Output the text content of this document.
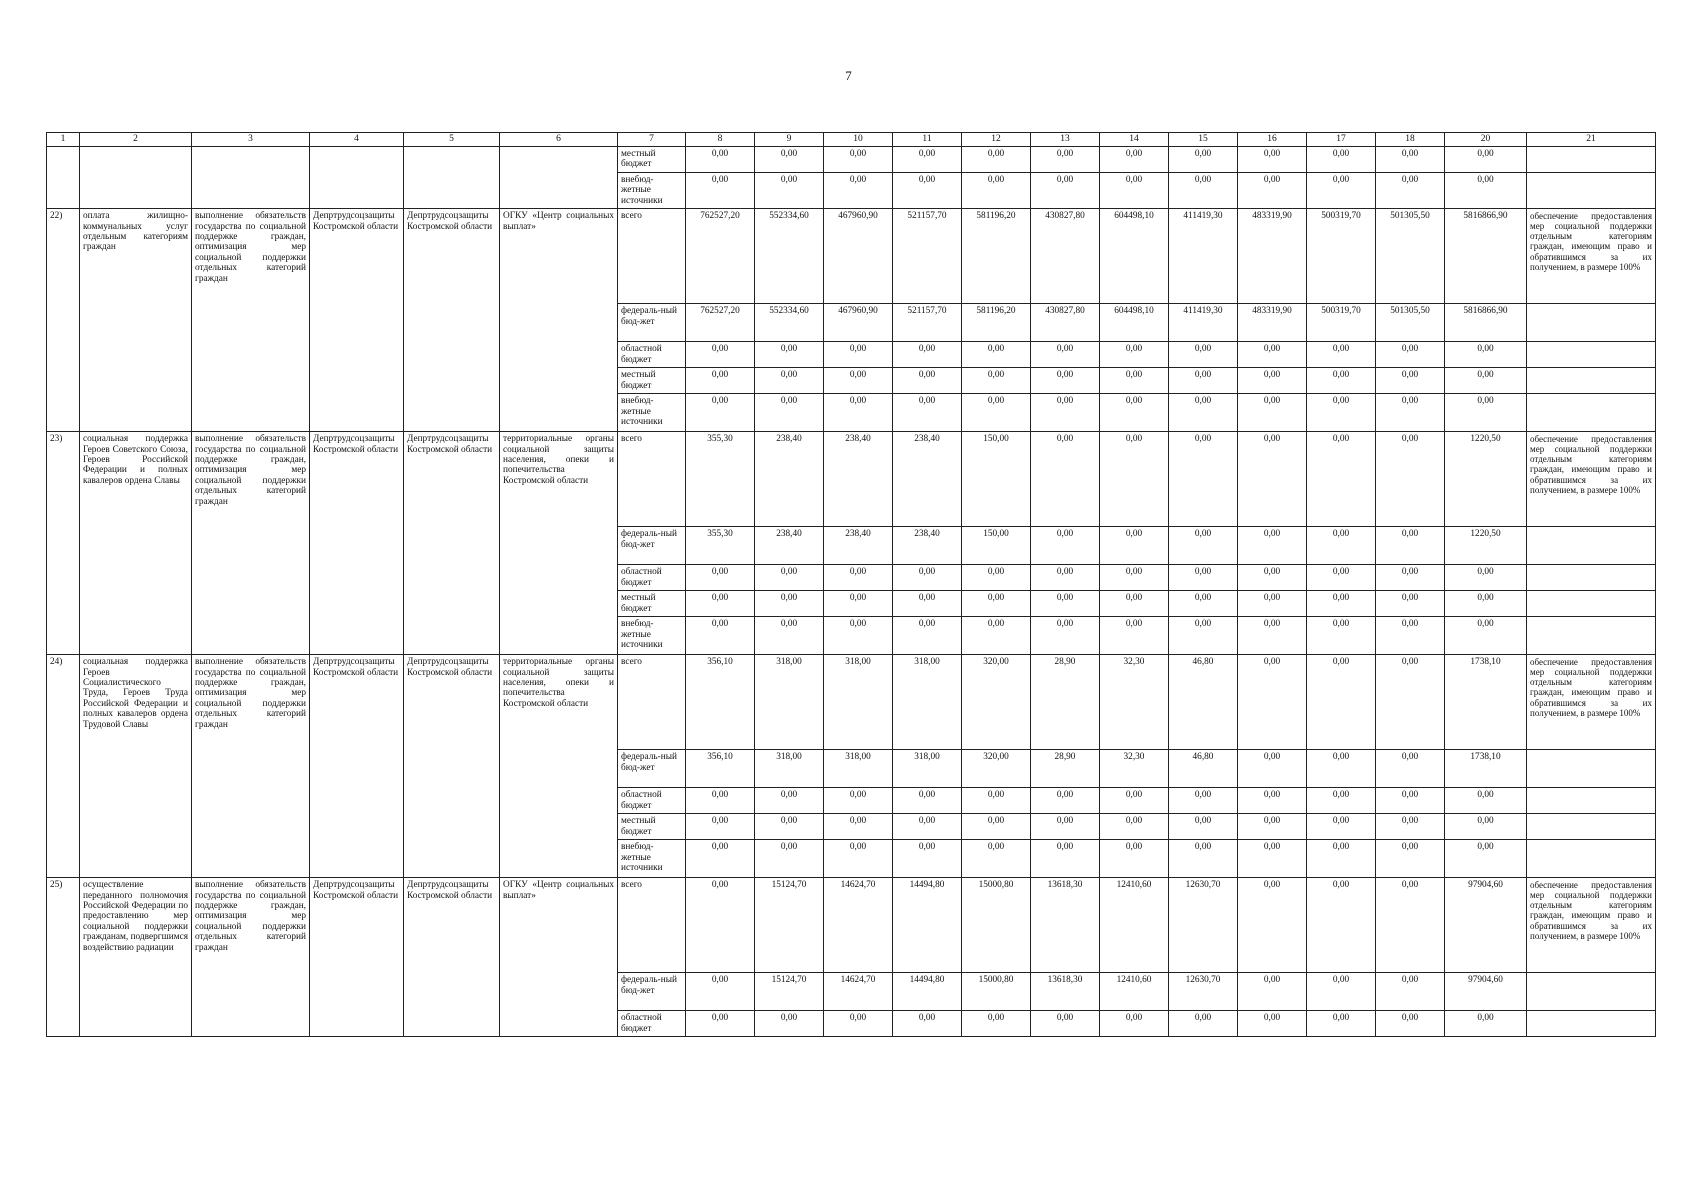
7
1	2	3	4	5	6	7	8	9	10	11	12	13	14	15	16	17	18	20	21
						местный бюджет	0,00	0,00	0,00	0,00	0,00	0,00	0,00	0,00	0,00	0,00	0,00	0,00	
						внебюд-жетные источники	0,00	0,00	0,00	0,00	0,00	0,00	0,00	0,00	0,00	0,00	0,00	0,00	
22)	оплата жилищно-коммунальных услуг отдельным категориям граждан	выполнение обязательств государства по социальной поддержке граждан, оптимизация мер социальной поддержки отдельных категорий граждан	Депртрудсоцзащиты Костромской области	Депртрудсоцзащиты Костромской области	ОГКУ «Центр социальных выплат»	всего	762527,20	552334,60	467960,90	521157,70	581196,20	430827,80	604498,10	411419,30	483319,90	500319,70	501305,50	5816866,90	обеспечение предоставления мер социальной поддержки отдельным категориям граждан, имеющим право и обратившимся за их получением, в размере 100%
						федераль-ный бюд-жет	762527,20	552334,60	467960,90	521157,70	581196,20	430827,80	604498,10	411419,30	483319,90	500319,70	501305,50	5816866,90	
						областной бюджет	0,00	0,00	0,00	0,00	0,00	0,00	0,00	0,00	0,00	0,00	0,00	0,00	
						местный бюджет	0,00	0,00	0,00	0,00	0,00	0,00	0,00	0,00	0,00	0,00	0,00	0,00	
						внебюд-жетные источники	0,00	0,00	0,00	0,00	0,00	0,00	0,00	0,00	0,00	0,00	0,00	0,00	
23)	социальная поддержка Героев Советского Союза, Героев Российской Федерации и полных кавалеров ордена Славы	выполнение обязательств государства по социальной поддержке граждан, оптимизация мер социальной поддержки отдельных категорий граждан	Депртрудсоцзащиты Костромской области	Депртрудсоцзащиты Костромской области	территориальные органы социальной защиты населения, опеки и попечительства Костромской области	всего	355,30	238,40	238,40	238,40	150,00	0,00	0,00	0,00	0,00	0,00	0,00	1220,50	обеспечение предоставления мер социальной поддержки отдельным категориям граждан, имеющим право и обратившимся за их получением, в размере 100%
						федераль-ный бюд-жет	355,30	238,40	238,40	238,40	150,00	0,00	0,00	0,00	0,00	0,00	0,00	1220,50	
						областной бюджет	0,00	0,00	0,00	0,00	0,00	0,00	0,00	0,00	0,00	0,00	0,00	0,00	
						местный бюджет	0,00	0,00	0,00	0,00	0,00	0,00	0,00	0,00	0,00	0,00	0,00	0,00	
						внебюд-жетные источники	0,00	0,00	0,00	0,00	0,00	0,00	0,00	0,00	0,00	0,00	0,00	0,00	
24)	социальная поддержка Героев Социалистического Труда, Героев Труда Российской Федерации и полных кавалеров ордена Трудовой Славы	выполнение обязательств государства по социальной поддержке граждан, оптимизация мер социальной поддержки отдельных категорий граждан	Депртрудсоцзащиты Костромской области	Депртрудсоцзащиты Костромской области	территориальные органы социальной защиты населения, опеки и попечительства Костромской области	всего	356,10	318,00	318,00	318,00	320,00	28,90	32,30	46,80	0,00	0,00	0,00	1738,10	обеспечение предоставления мер социальной поддержки отдельным категориям граждан, имеющим право и обратившимся за их получением, в размере 100%
						федераль-ный бюд-жет	356,10	318,00	318,00	318,00	320,00	28,90	32,30	46,80	0,00	0,00	0,00	1738,10	
						областной бюджет	0,00	0,00	0,00	0,00	0,00	0,00	0,00	0,00	0,00	0,00	0,00	0,00	
						местный бюджет	0,00	0,00	0,00	0,00	0,00	0,00	0,00	0,00	0,00	0,00	0,00	0,00	
						внебюд-жетные источники	0,00	0,00	0,00	0,00	0,00	0,00	0,00	0,00	0,00	0,00	0,00	0,00	
25)	осуществление переданного полномочия Российской Федерации по предоставлению мер социальной поддержки гражданам, подвергшимся воздействию радиации	выполнение обязательств государства по социальной поддержке граждан, оптимизация мер социальной поддержки отдельных категорий граждан	Депртрудсоцзащиты Костромской области	Депртрудсоцзащиты Костромской области	ОГКУ «Центр социальных выплат»	всего	0,00	15124,70	14624,70	14494,80	15000,80	13618,30	12410,60	12630,70	0,00	0,00	0,00	97904,60	обеспечение предоставления мер социальной поддержки отдельным категориям граждан, имеющим право и обратившимся за их получением, в размере 100%
						федераль-ный бюд-жет	0,00	15124,70	14624,70	14494,80	15000,80	13618,30	12410,60	12630,70	0,00	0,00	0,00	97904,60	
						областной бюджет	0,00	0,00	0,00	0,00	0,00	0,00	0,00	0,00	0,00	0,00	0,00	0,00	
